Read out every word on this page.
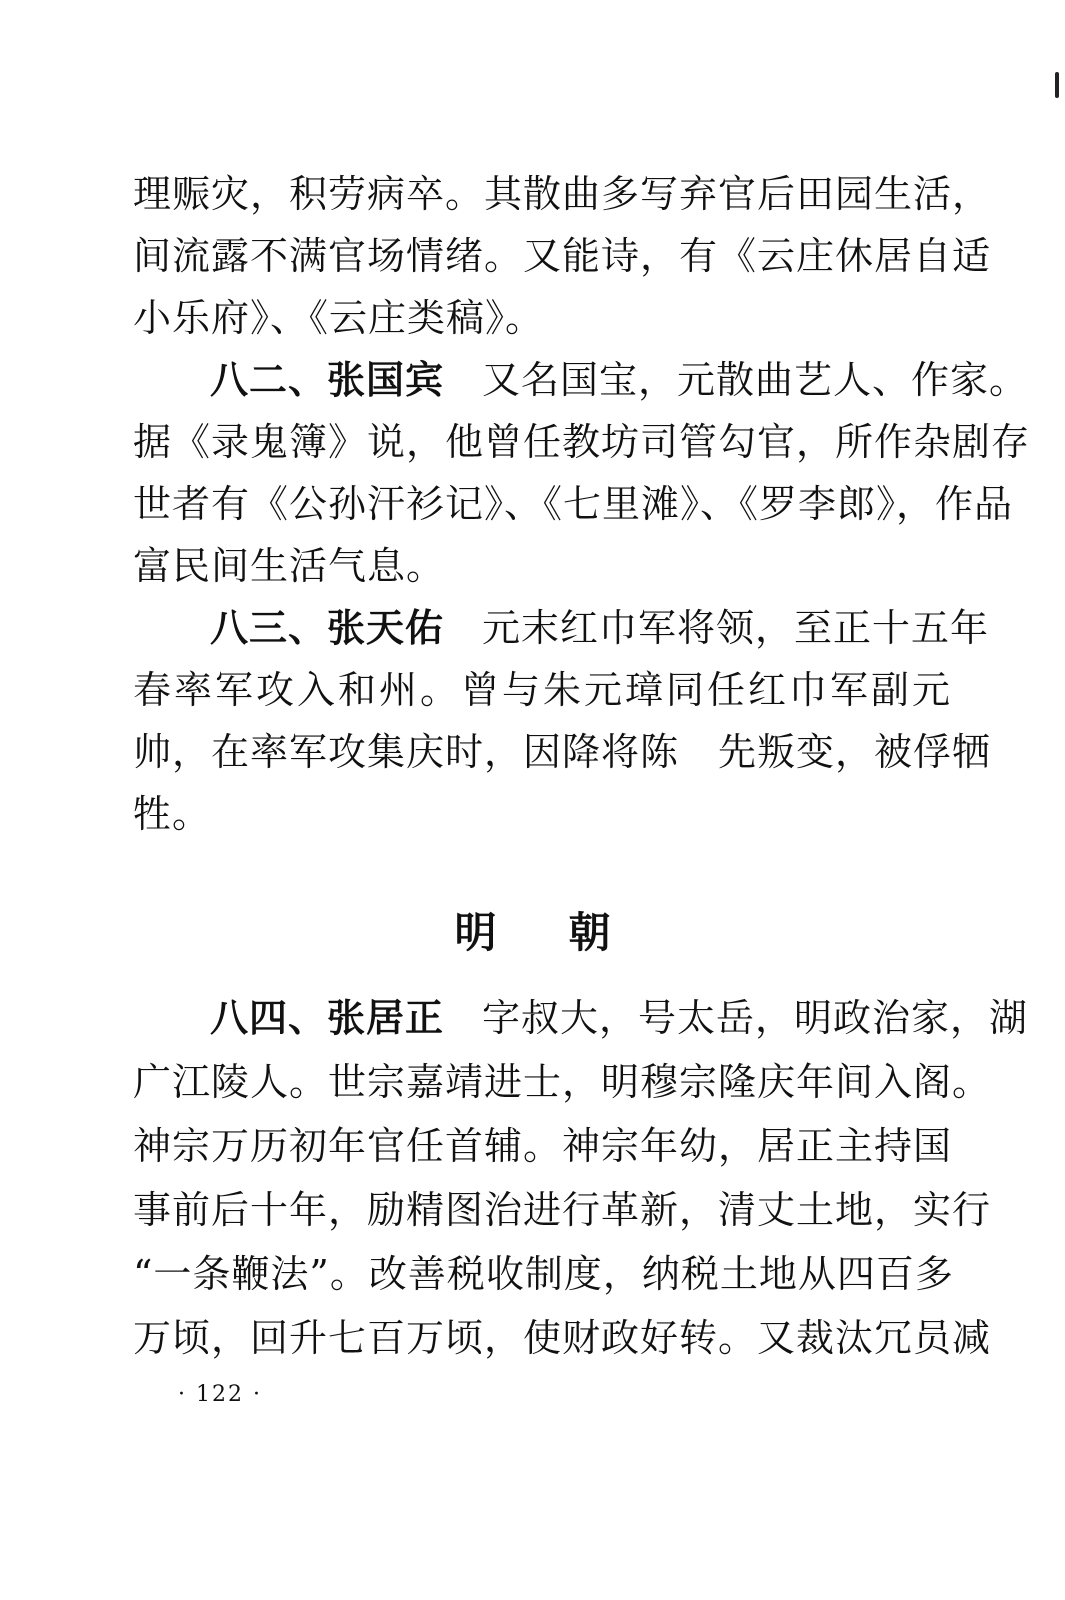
理赈灾，积劳病卒。其散曲多写弃官后田园生活，
间流露不满官场情绪。又能诗，有《云庄休居自适
小乐府》、《云庄类稿》。
八二、张国宾 又名国宝，元散曲艺人、作家。
据《录鬼簿》说，他曾任教坊司管勾官，所作杂剧存
世者有《公孙汗衫记》、《七里滩》、《罗李郎》，作品
富民间生活气息。
八三、张天佑 元末红巾军将领，至正十五年
春率军攻入和州。曾与朱元璋同任红巾军副元
帅，在率军攻集庆时，因降将陈　先叛变，被俘牺
牲。
明朝
八四、张居正 字叔大，号太岳，明政治家，湖
广江陵人。世宗嘉靖进士，明穆宗隆庆年间入阁。
神宗万历初年官任首辅。神宗年幼，居正主持国
事前后十年，励精图治进行革新，清丈土地，实行
“一条鞭法”。改善税收制度，纳税土地从四百多
万顷，回升七百万顷，使财政好转。又裁汰冗员减
· 122 ·
